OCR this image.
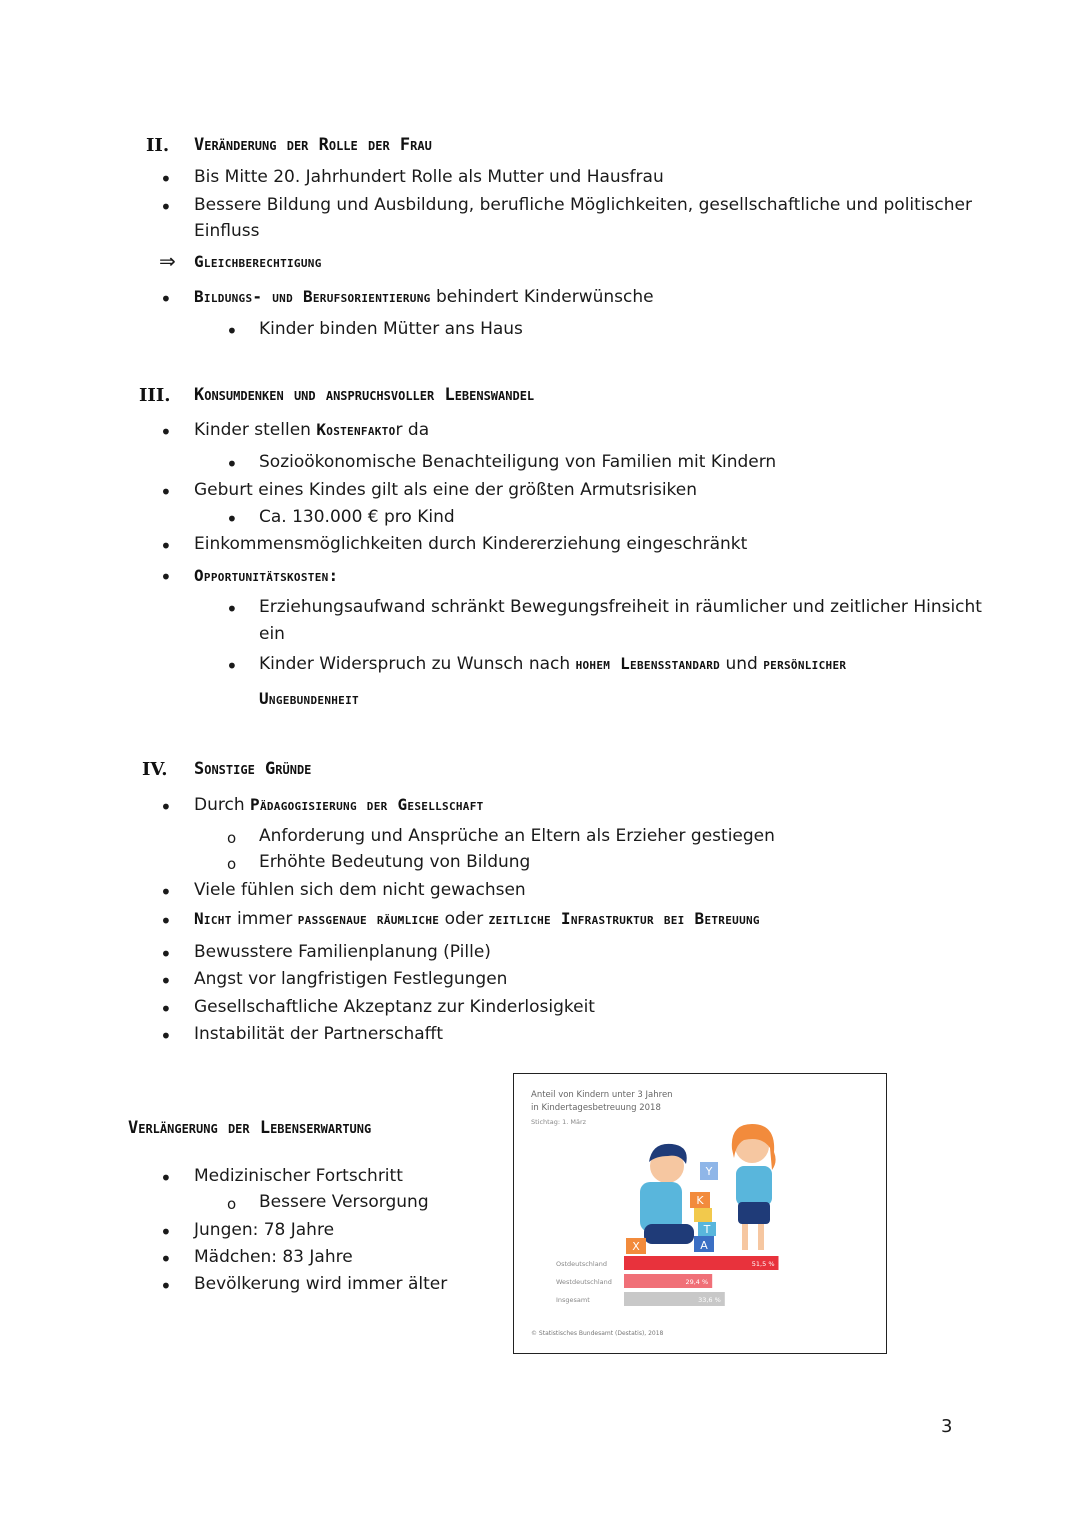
II. Veränderung der Rolle der Frau
• Bis Mitte 20. Jahrhundert Rolle als Mutter und Hausfrau
• Bessere Bildung und Ausbildung, berufliche Möglichkeiten, gesellschaftliche und politischer
Einfluss
⇒ Gleichberechtigung
• Bildungs- und Berufsorientierung behindert Kinderwünsche
• Kinder binden Mütter ans Haus
III. Konsumdenken und anspruchsvoller Lebenswandel
• Kinder stellen Kostenfaktor da
• Sozioökonomische Benachteiligung von Familien mit Kindern
• Geburt eines Kindes gilt als eine der größten Armutsrisiken
• Ca. 130.000 € pro Kind
• Einkommensmöglichkeiten durch Kindererziehung eingeschränkt
• Opportunitätskosten:
• Erziehungsaufwand schränkt Bewegungsfreiheit in räumlicher und zeitlicher Hinsicht
ein
• Kinder Widerspruch zu Wunsch nach hohem Lebensstandard und persönlicher
Ungebundenheit
IV. Sonstige Gründe
• Durch Pädagogisierung der Gesellschaft
o Anforderung und Ansprüche an Eltern als Erzieher gestiegen
o Erhöhte Bedeutung von Bildung
• Viele fühlen sich dem nicht gewachsen
• Nicht immer passgenaue räumliche oder zeitliche Infrastruktur bei Betreuung
• Bewusstere Familienplanung (Pille)
• Angst vor langfristigen Festlegungen
• Gesellschaftliche Akzeptanz zur Kinderlosigkeit
• Instabilität der Partnerschafft
Verlängerung der Lebenserwartung
• Medizinischer Fortschritt
o Bessere Versorgung
• Jungen: 78 Jahre
• Mädchen: 83 Jahre
• Bevölkerung wird immer älter
Anteil von Kindern unter 3 Jahren
in Kindertagesbetreuung 2018
Stichtag: 1. März
Y
K
T
X	A
Ostdeutschland	51,5 %
Westdeutschland	29,4 %
Insgesamt	33,6 %
© Statistisches Bundesamt (Destatis), 2018
3
